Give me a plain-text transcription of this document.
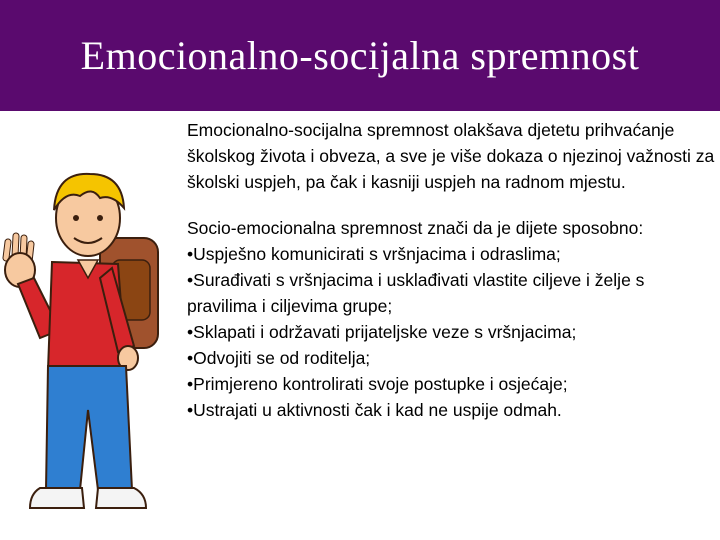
Emocionalno-socijalna spremnost

Emocionalno-socijalna spremnost olakšava djetetu prihvaćanje školskog života i obveza, a sve je više dokaza o njezinoj važnosti za školski uspjeh, pa čak i kasniji uspjeh na radnom mjestu.

Socio-emocionalna spremnost znači da je dijete sposobno:

• Uspješno komunicirati s vršnjacima i odraslima;
• Surađivati s vršnjacima i usklađivati vlastite ciljeve i želje s pravilima i ciljevima grupe;
• Sklapati i održavati prijateljske veze s vršnjacima;
• Odvojiti se od roditelja;
• Primjereno kontrolirati svoje postupke i osjećaje;
• Ustrajati u aktivnosti čak i kad ne uspije odmah.
